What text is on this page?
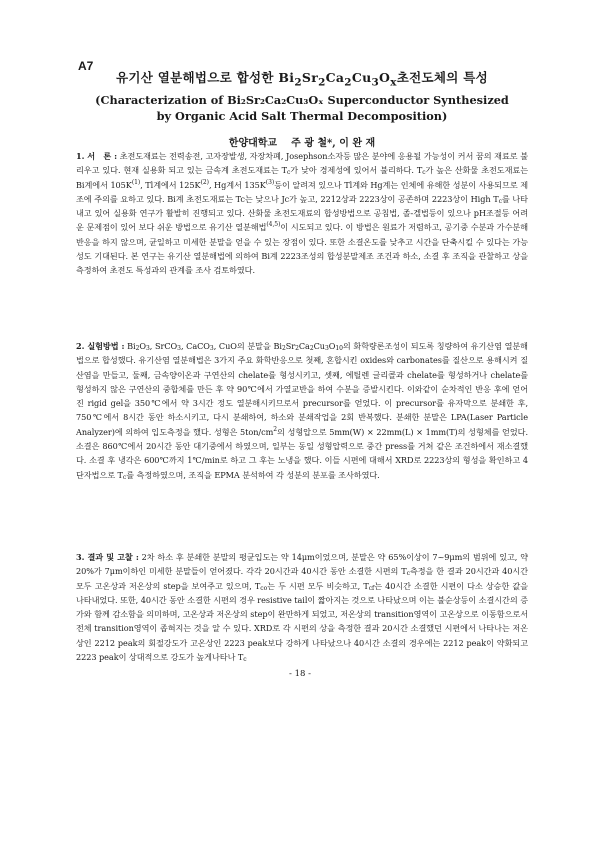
A7

유기산 열분해법으로 합성한 $Bi_2Sr_2Ca_2Cu_3O_x$초전도체의 특성

(Characterization of Bi₂Sr₂Ca₂Cu₃Oₓ Superconductor Synthesized

by Organic Acid Salt Thermal Decomposition)

한양대학교 주 광 철*, 이 완 재

1. 서　론 : 초전도재료는 전력송전, 고자장발생, 자장차폐, Josephson소자등 많은 분야에 응용될 가능성이 커서 꿈의 재료로 불리우고 있다. 현재 실용화 되고 있는 금속계 초전도재료는 $T_c$가 낮아 경제성에 있어서 불리하다. $T_c$가 높은 산화물 초전도재료는 Bi계에서 $105K^{(1)}$, Tl계에서 $125K^{(2)}$, Hg계서 $135K^{(3)}$등이 알려져 있으나 Tl계와 Hg계는 인체에 유해한 성분이 사용되므로 제조에 주의를 요하고 있다. Bi계 초전도재료는 Tc는 낮으나 Jc가 높고, 2212상과 2223상이 공존하며 2223상이 High $T_c$를 나타내고 있어 실용화 연구가 활발히 진행되고 있다. 산화물 초전도재료의 합성방법으로 공침법, 졸-겔법등이 있으나 pH조절등 어려운 문제점이 있어 보다 쉬운 방법으로 유기산 열분해법$^{(4,5)}$이 시도되고 있다. 이 방법은 원료가 저렴하고, 공기중 수분과 가수분해반응을 하지 않으며, 균일하고 미세한 분말을 얻을 수 있는 장점이 있다. 또한 소결온도를 낮추고 시간을 단축시킬 수 있다는 가능성도 기대된다. 본 연구는 유기산 열분해법에 의하여 Bi계 2223조성의 합성분말제조 조건과 하소, 소결 후 조직을 관찰하고 상을 측정하여 초전도 특성과의 관계를 조사 검토하였다.

2. 실험방법 : $Bi_2O_3$, SrCO$_3$, CaCO$_3$, CuO의 분말을 $Bi_2Sr_2Ca_2Cu_3O_{10}$의 화학량론조성이 되도록 칭량하여 유기산염 열분해법으로 합성했다. 유기산염 열분해법은 3가지 주요 화학반응으로 첫째, 혼합시킨 oxides와 carbonates를 질산으로 용해시켜 질산염을 만들고, 둘째, 금속양이온과 구연산의 chelate를 형성시키고, 셋째, 에틸렌 글리콜과 chelate를 형성하거나 chelate를 형성하지 않은 구연산의 중합체를 만든 후 약 90℃에서 가열교반을 하여 수분을 증발시킨다. 이와같이 순차적인 반응 후에 얻어진 rigid gel을 350℃에서 약 3시간 정도 열분해시키므로서 precursor를 얻었다. 이 precursor를 유자막으로 분쇄한 후, 750℃에서 8시간 동안 하소시키고, 다시 분쇄하여, 하소와 분쇄작업을 2회 반복했다. 분쇄한 분말은 LPA(Laser Particle Analyzer)에 의하여 입도측정을 했다. 성형은 $5ton/cm^2$의 성형압으로 5mm(W) × 22mm(L) × 1mm(T)의 성형체를 얻었다. 소결은 860℃에서 20시간 동안 대기중에서 하였으며, 일부는 동일 성형압력으로 중간 press를 거쳐 같은 조건하에서 재소결했다. 소결 후 냉각은 600℃까지 1℃/min로 하고 그 후는 노냉을 했다. 이들 시편에 대해서 XRD로 2223상의 형성을 확인하고 4단자법으로 $T_c$를 측정하였으며, 조직을 EPMA 분석하여 각 성분의 분포를 조사하였다.

3. 결과 및 고찰 : 2차 하소 후 분쇄한 분말의 평균입도는 약 14μm이었으며, 분말은 약 65%이상이 7~9μm의 범위에 있고, 약 20%가 7μm이하인 미세한 분말들이 얻어졌다. 각각 20시간과 40시간 동안 소결한 시편의 $T_c$측정을 한 결과 20시간과 40시간 모두 고온상과 저온상의 step을 보여주고 있으며, $T_{co}$는 두 시편 모두 비슷하고, $T_{cf}$는 40시간 소결한 시편이 다소 상승한 값을 나타내었다. 또한, 40시간 동안 소결한 시편의 경우 resistive tail이 짧아지는 것으로 나타났으며 이는 불순상등이 소결시간의 증가와 함께 감소함을 의미하며, 고온상과 저온상의 step이 완만하게 되었고, 저온상의 transition영역이 고온상으로 이동함으로서 전체 transition영역이 좁혀지는 것을 알 수 있다. XRD로 각 시편의 상을 측정한 결과 20시간 소결했던 시편에서 나타나는 저온상인 2212 peak의 회절강도가 고온상인 2223 peak보다 강하게 나타났으나 40시간 소결의 경우에는 2212 peak이 약화되고 2223 peak이 상대적으로 강도가 높게나타나 $T_c$

- 18 -
